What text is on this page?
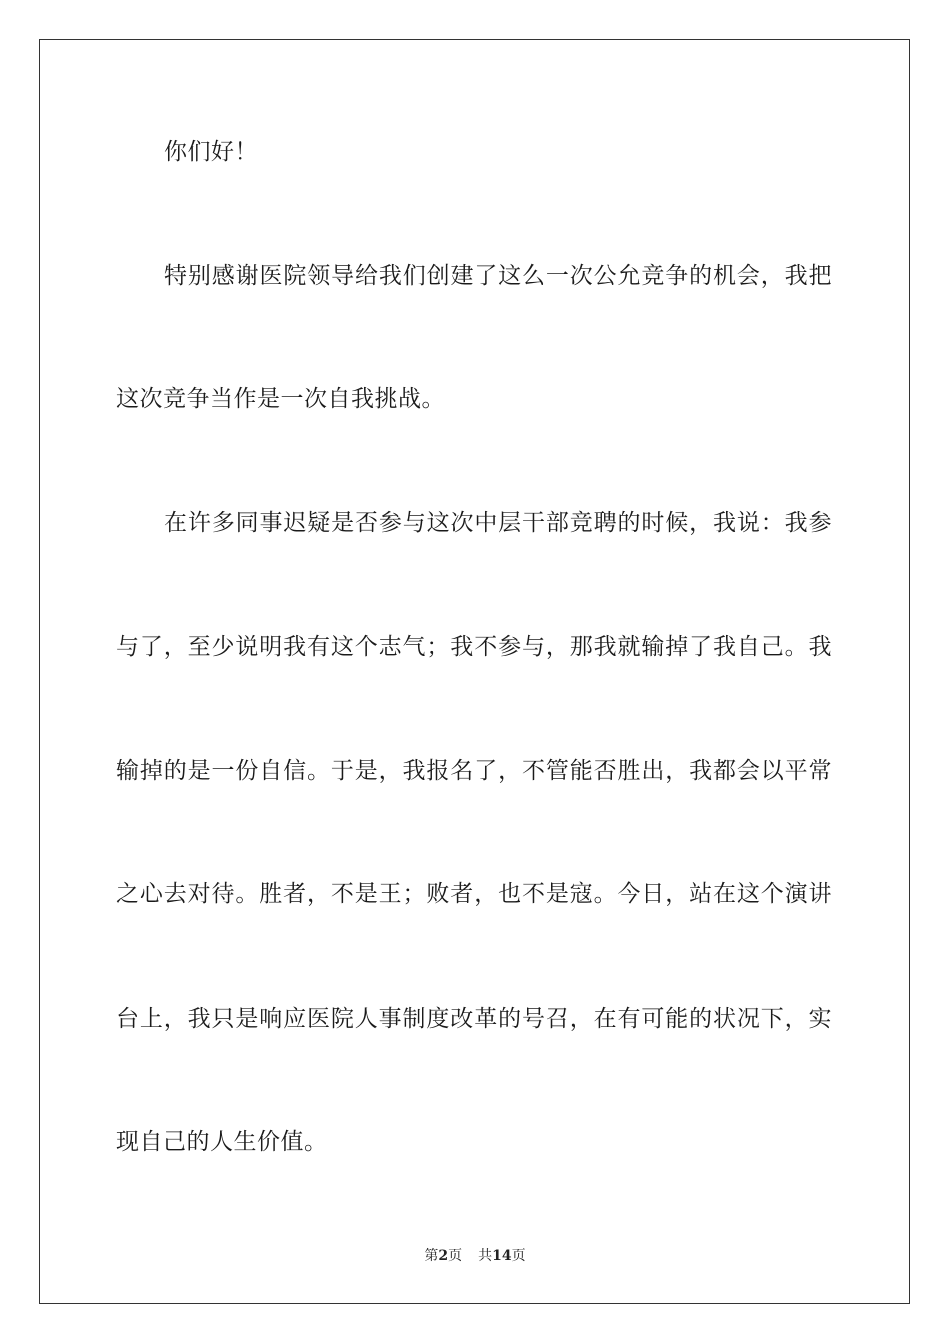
你们好！
特别感谢医院领导给我们创建了这么一次公允竞争的机会，我把
这次竞争当作是一次自我挑战。
在许多同事迟疑是否参与这次中层干部竞聘的时候，我说：我参
与了，至少说明我有这个志气；我不参与，那我就输掉了我自己。我
输掉的是一份自信。于是，我报名了，不管能否胜出，我都会以平常
之心去对待。胜者，不是王；败者，也不是寇。今日，站在这个演讲
台上，我只是响应医院人事制度改革的号召，在有可能的状况下，实
现自己的人生价值。
第2页 共14页
